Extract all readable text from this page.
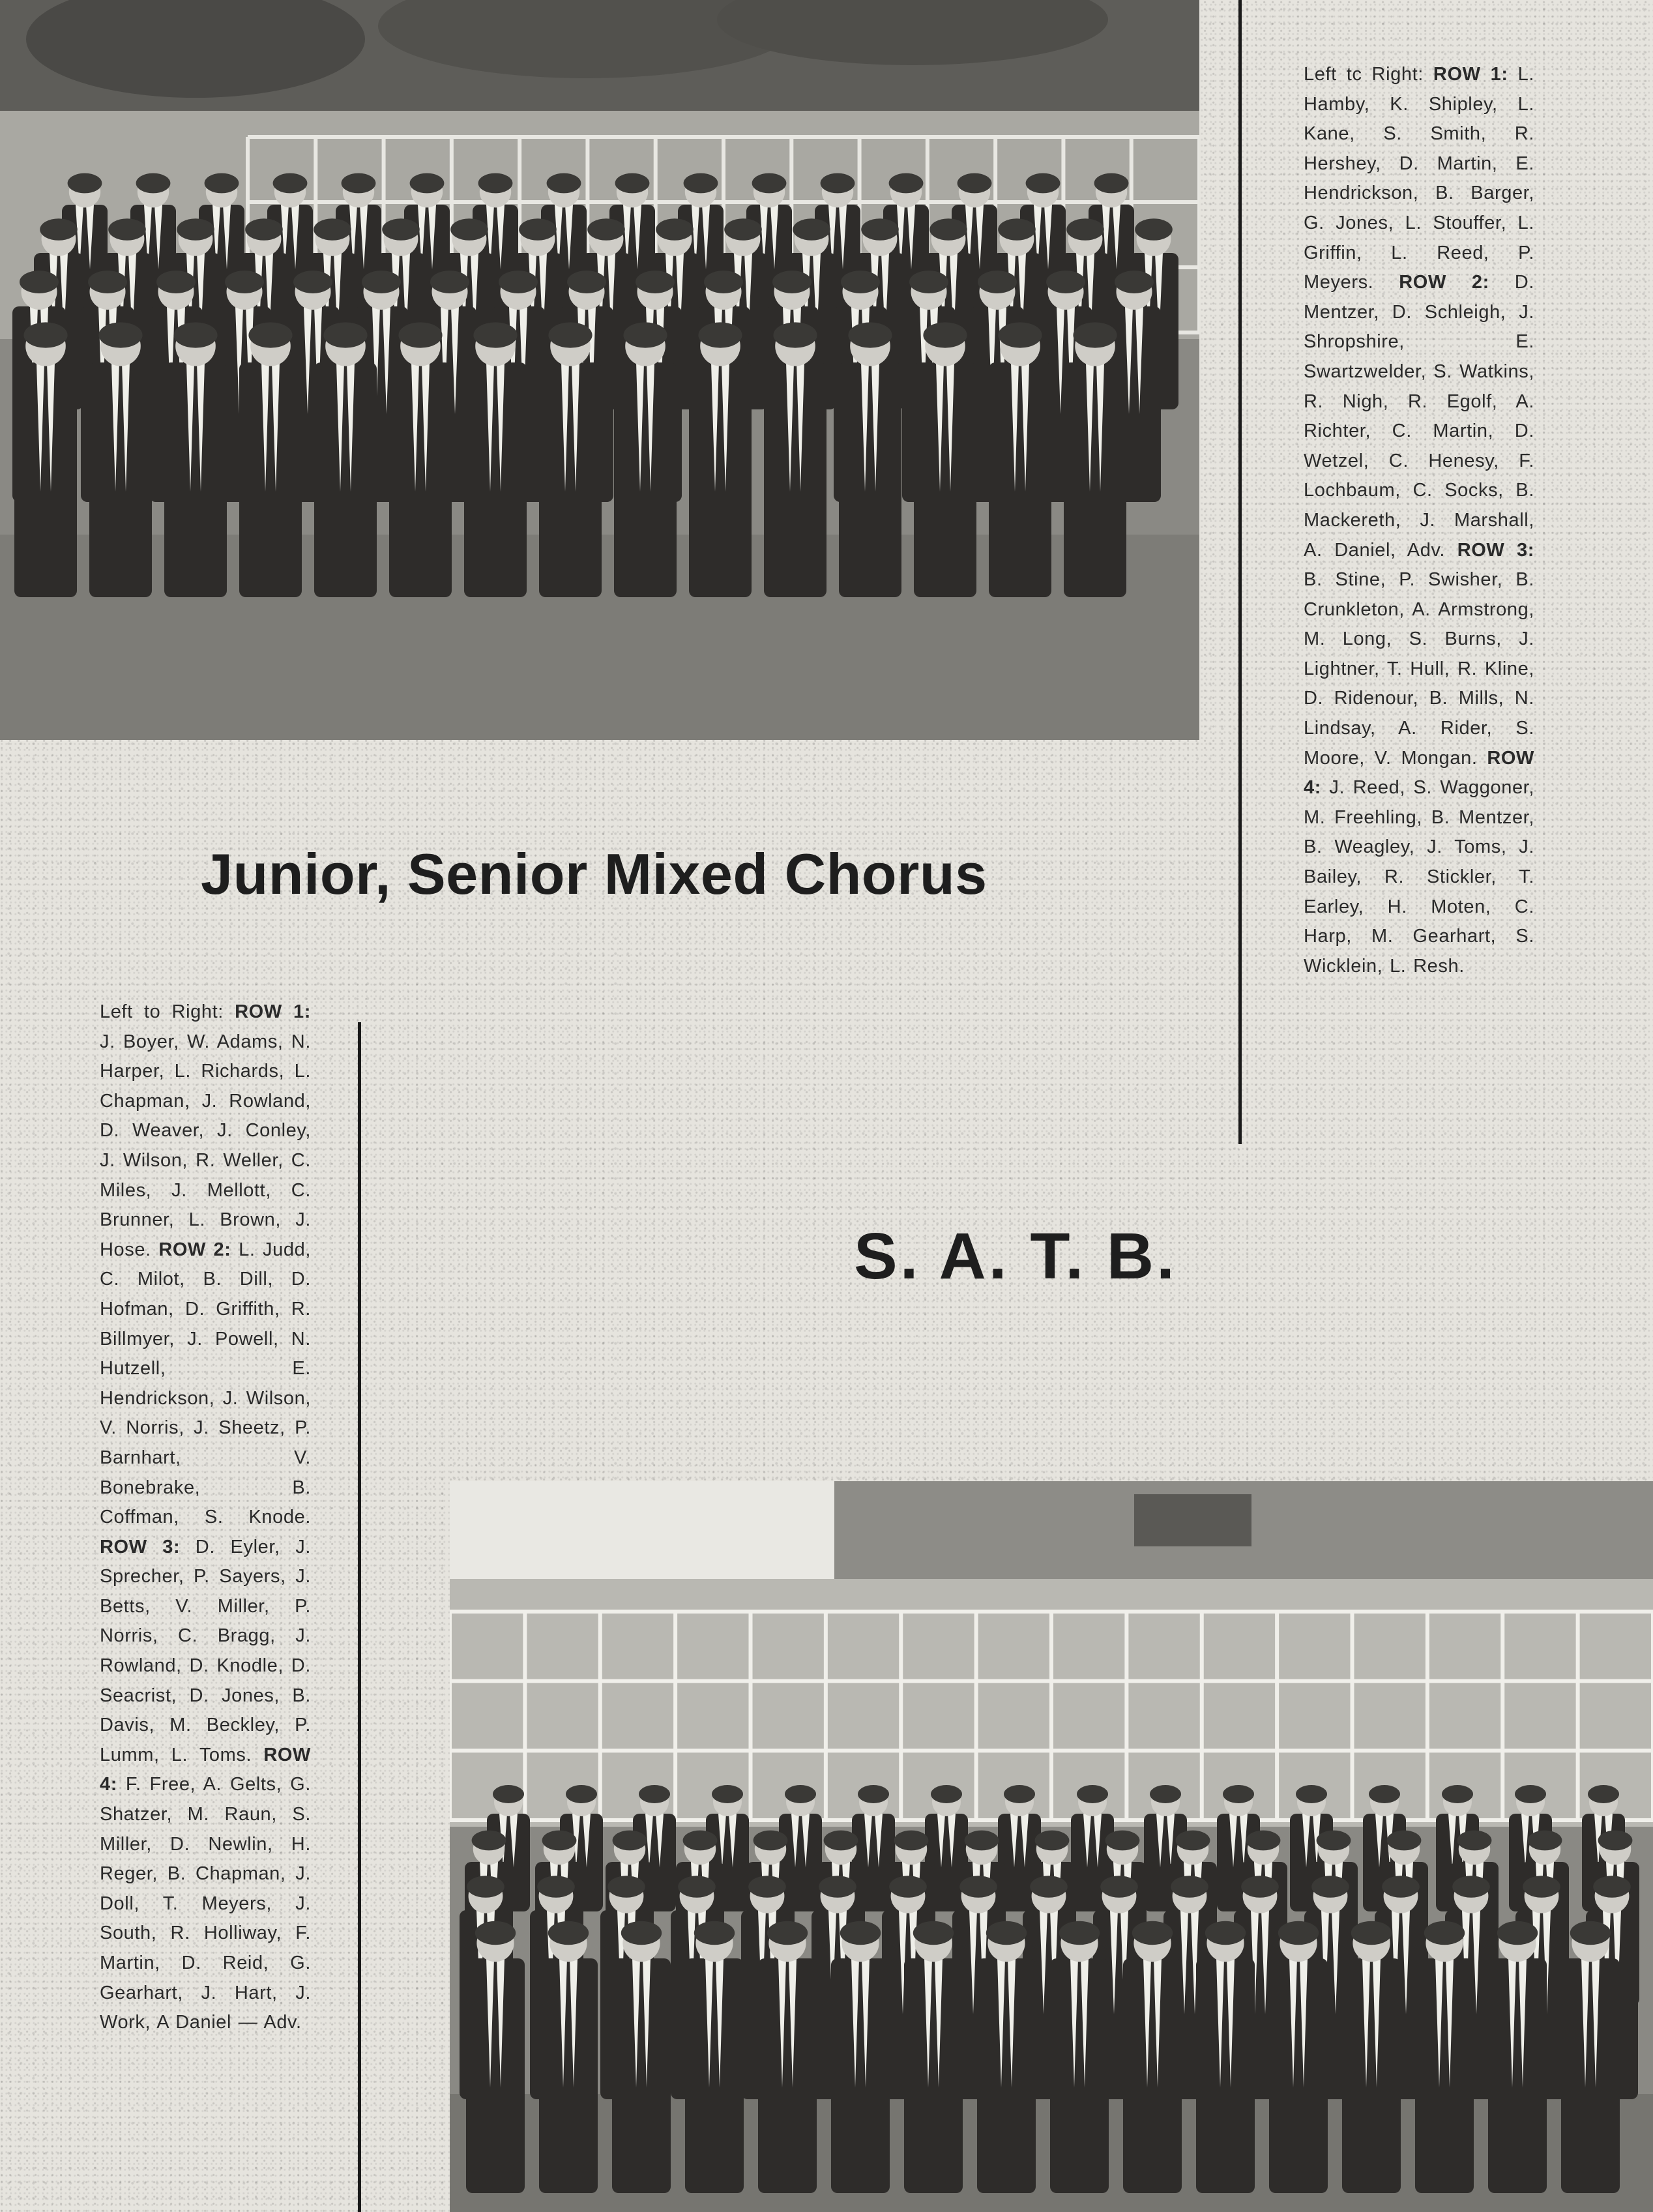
Left tc Right: ROW 1: L. Hamby, K. Shipley, L. Kane, S. Smith, R. Hershey, D. Martin, E. Hendrickson, B. Barger, G. Jones, L. Stouffer, L. Griffin, L. Reed, P. Meyers. ROW 2: D. Mentzer, D. Schleigh, J. Shropshire, E. Swartzwelder, S. Watkins, R. Nigh, R. Egolf, A. Richter, C. Martin, D. Wetzel, C. Henesy, F. Lochbaum, C. Socks, B. Mackereth, J. Marshall, A. Daniel, Adv. ROW 3: B. Stine, P. Swisher, B. Crunkleton, A. Armstrong, M. Long, S. Burns, J. Lightner, T. Hull, R. Kline, D. Ridenour, B. Mills, N. Lindsay, A. Rider, S. Moore, V. Mongan. ROW 4: J. Reed, S. Waggoner, M. Freehling, B. Mentzer, B. Weagley, J. Toms, J. Bailey, R. Stickler, T. Earley, H. Moten, C. Harp, M. Gearhart, S. Wicklein, L. Resh.
Junior, Senior Mixed Chorus
Left to Right: ROW 1: J. Boyer, W. Adams, N. Harper, L. Richards, L. Chapman, J. Rowland, D. Weaver, J. Conley, J. Wilson, R. Weller, C. Miles, J. Mellott, C. Brunner, L. Brown, J. Hose. ROW 2: L. Judd, C. Milot, B. Dill, D. Hofman, D. Griffith, R. Billmyer, J. Powell, N. Hutzell, E. Hendrickson, J. Wilson, V. Norris, J. Sheetz, P. Barnhart, V. Bonebrake, B. Coffman, S. Knode. ROW 3: D. Eyler, J. Sprecher, P. Sayers, J. Betts, V. Miller, P. Norris, C. Bragg, J. Rowland, D. Knodle, D. Seacrist, D. Jones, B. Davis, M. Beckley, P. Lumm, L. Toms. ROW 4: F. Free, A. Gelts, G. Shatzer, M. Raun, S. Miller, D. Newlin, H. Reger, B. Chapman, J. Doll, T. Meyers, J. South, R. Holliway, F. Martin, D. Reid, G. Gearhart, J. Hart, J. Work, A Daniel — Adv.
S. A. T. B.
